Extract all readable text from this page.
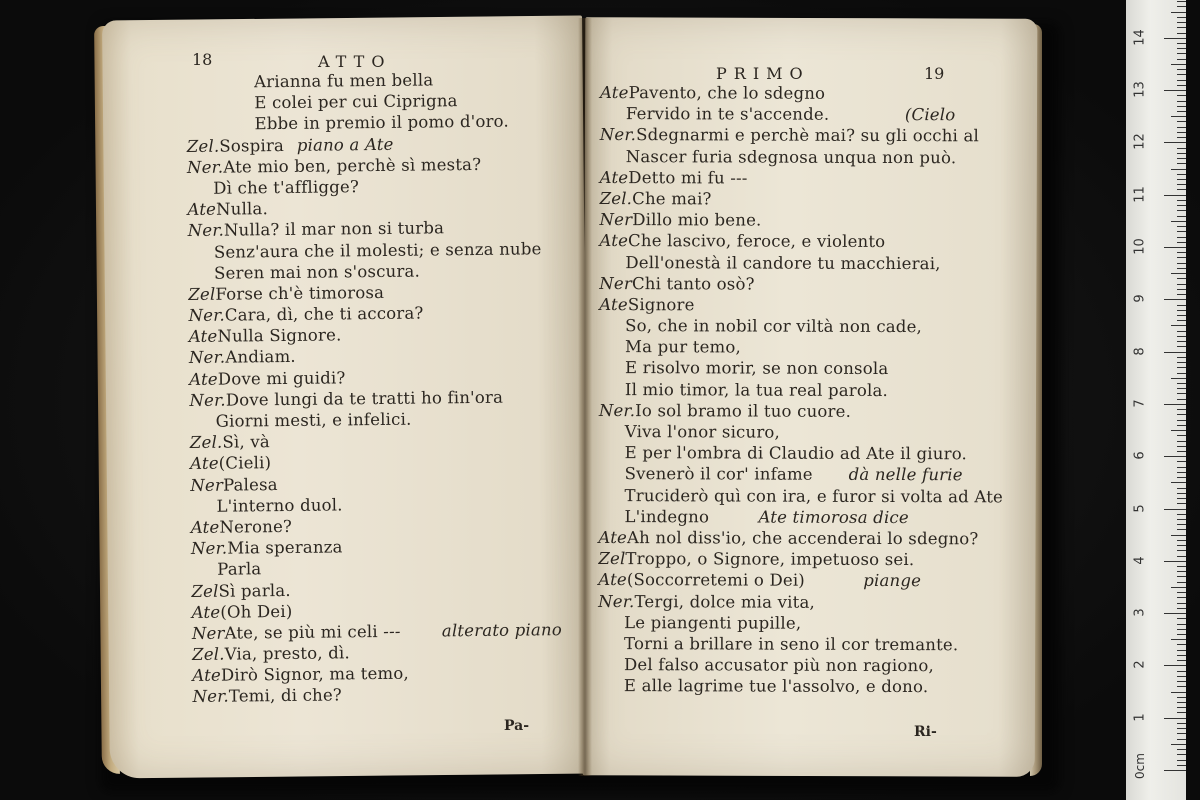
18	ATTO
Pa-
PRIMO	19
Ri-
Arianna fu men bella
E colei per cui Ciprigna
Ebbe in premio il pomo d'oro.
Zel.Sospira piano a Ate
Ner.Ate mio ben, perchè sì mesta?
Dì che t'affligge?
AteNulla.
Ner.Nulla? il mar non si turba
Senz'aura che il molesti; e senza nube
Seren mai non s'oscura.
ZelForse ch'è timorosa
Ner.Cara, dì, che ti accora?
AteNulla Signore.
Ner.Andiam.
AteDove mi guidi?
Ner.Dove lungi da te tratti ho fin'ora
Giorni mesti, e infelici.
Zel.Sì, và
Ate(Cieli)
NerPalesa
L'interno duol.
AteNerone?
Ner.Mia speranza
Parla
ZelSì parla.
Ate(Oh Dei)
NerAte, se più mi celi --- alterato piano
Zel.Via, presto, dì.
AteDirò Signor, ma temo,
Ner.Temi, di che?
AtePavento, che lo sdegno
Fervido in te s'accende.	(Cielo
Ner.Sdegnarmi e perchè mai? su gli occhi al
Nascer furia sdegnosa unqua non può.
AteDetto mi fu ---
Zel.Che mai?
NerDillo mio bene.
AteChe lascivo, feroce, e violento
Dell'onestà il candore tu macchierai,
NerChi tanto osò?
AteSignore
So, che in nobil cor viltà non cade,
Ma pur temo,
E risolvo morir, se non consola
Il mio timor, la tua real parola.
Ner.Io sol bramo il tuo cuore.
Viva l'onor sicuro,
E per l'ombra di Claudio ad Ate il giuro.
Svenerò il cor' infame dà nelle furie
Truciderò quì con ira, e furor si volta ad Ate
L'indegno	Ate timorosa dice
AteAh nol diss'io, che accenderai lo sdegno?
ZelTroppo, o Signore, impetuoso sei.
Ate(Soccorretemi o Dei)	piange
Ner.Tergi, dolce mia vita,
Le piangenti pupille,
Torni a brillare in seno il cor tremante.
Del falso accusator più non ragiono,
E alle lagrime tue l'assolvo, e dono.
0cm
1
2
3
4
5
6
7
8
9
10
11
12
13
14
